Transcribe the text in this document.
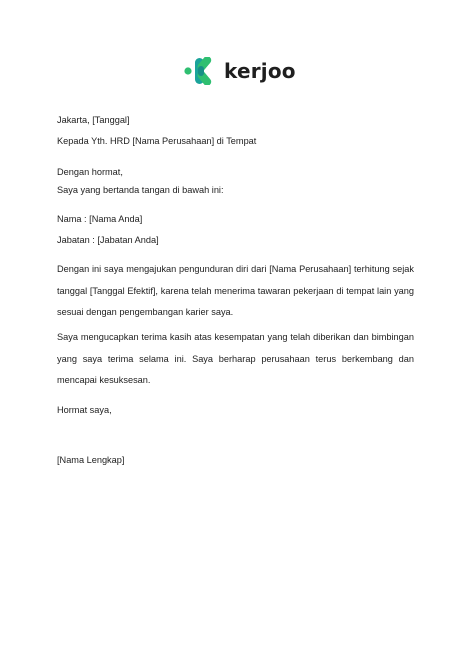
kerjoo

Jakarta, [Tanggal]

Kepada Yth. HRD [Nama Perusahaan] di Tempat

Dengan hormat,

Saya yang bertanda tangan di bawah ini:

Nama : [Nama Anda]

Jabatan : [Jabatan Anda]

Dengan ini saya mengajukan pengunduran diri dari [Nama Perusahaan] terhitung sejak tanggal [Tanggal Efektif], karena telah menerima tawaran pekerjaan di tempat lain yang sesuai dengan pengembangan karier saya.

Saya mengucapkan terima kasih atas kesempatan yang telah diberikan dan bimbingan yang saya terima selama ini. Saya berharap perusahaan terus berkembang dan mencapai kesuksesan.

Hormat saya,

[Nama Lengkap]
